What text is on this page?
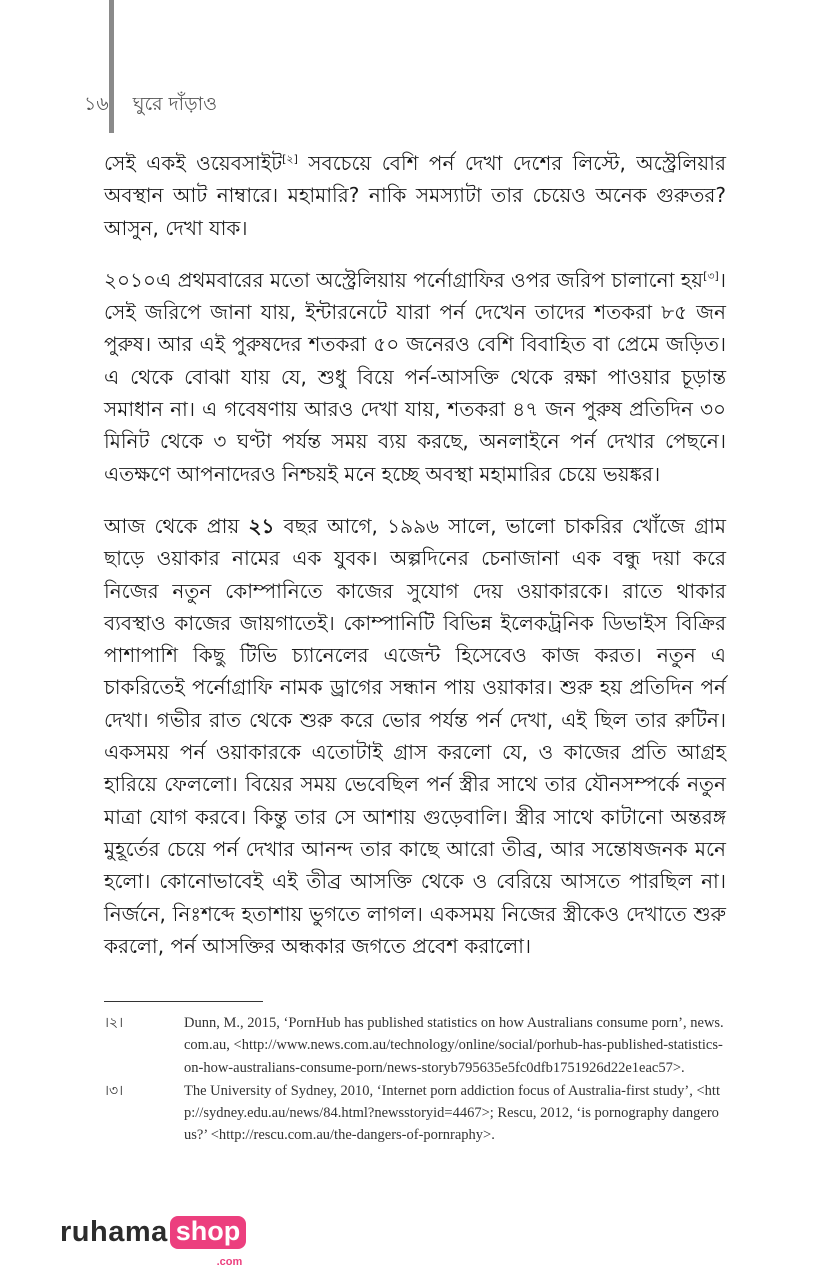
১৬ ঘুরে দাঁড়াও

সেই একই ওয়েবসাইট[২] সবচেয়ে বেশি পর্ন দেখা দেশের লিস্টে, অস্ট্রেলিয়ার অবস্থান আট নাম্বারে। মহামারি? নাকি সমস্যাটা তার চেয়েও অনেক গুরুতর? আসুন, দেখা যাক।

২০১০এ প্রথমবারের মতো অস্ট্রেলিয়ায় পর্নোগ্রাফির ওপর জরিপ চালানো হয়[৩]। সেই জরিপে জানা যায়, ইন্টারনেটে যারা পর্ন দেখেন তাদের শতকরা ৮৫ জন পুরুষ। আর এই পুরুষদের শতকরা ৫০ জনেরও বেশি বিবাহিত বা প্রেমে জড়িত। এ থেকে বোঝা যায় যে, শুধু বিয়ে পর্ন-আসক্তি থেকে রক্ষা পাওয়ার চূড়ান্ত সমাধান না। এ গবেষণায় আরও দেখা যায়, শতকরা ৪৭ জন পুরুষ প্রতিদিন ৩০ মিনিট থেকে ৩ ঘণ্টা পর্যন্ত সময় ব্যয় করছে, অনলাইনে পর্ন দেখার পেছনে। এতক্ষণে আপনাদেরও নিশ্চয়ই মনে হচ্ছে অবস্থা মহামারির চেয়ে ভয়ঙ্কর।

আজ থেকে প্রায় ২১ বছর আগে, ১৯৯৬ সালে, ভালো চাকরির খোঁজে গ্রাম ছাড়ে ওয়াকার নামের এক যুবক। অল্পদিনের চেনাজানা এক বন্ধু দয়া করে নিজের নতুন কোম্পানিতে কাজের সুযোগ দেয় ওয়াকারকে। রাতে থাকার ব্যবস্থাও কাজের জায়গাতেই। কোম্পানিটি বিভিন্ন ইলেকট্রনিক ডিভাইস বিক্রির পাশাপাশি কিছু টিভি চ্যানেলের এজেন্ট হিসেবেও কাজ করত। নতুন এ চাকরিতেই পর্নোগ্রাফি নামক ড্রাগের সন্ধান পায় ওয়াকার। শুরু হয় প্রতিদিন পর্ন দেখা। গভীর রাত থেকে শুরু করে ভোর পর্যন্ত পর্ন দেখা, এই ছিল তার রুটিন। একসময় পর্ন ওয়াকারকে এতোটাই গ্রাস করলো যে, ও কাজের প্রতি আগ্রহ হারিয়ে ফেললো। বিয়ের সময় ভেবেছিল পর্ন স্ত্রীর সাথে তার যৌনসম্পর্কে নতুন মাত্রা যোগ করবে। কিন্তু তার সে আশায় গুড়েবালি। স্ত্রীর সাথে কাটানো অন্তরঙ্গ মুহূর্তের চেয়ে পর্ন দেখার আনন্দ তার কাছে আরো তীব্র, আর সন্তোষজনক মনে হলো। কোনোভাবেই এই তীব্র আসক্তি থেকে ও বেরিয়ে আসতে পারছিল না। নির্জনে, নিঃশব্দে হতাশায় ভুগতে লাগল। একসময় নিজের স্ত্রীকেও দেখাতে শুরু করলো, পর্ন আসক্তির অন্ধকার জগতে প্রবেশ করালো।

।২।	Dunn, M., 2015, ‘PornHub has published statistics on how Australians consume porn’, news.com.au, <http://www.news.com.au/technology/online/social/porhub-has-published-statistics-on-how-australians-consume-porn/news-storyb795635e5fc0dfb1751926d22e1eac57>.
।৩।	The University of Sydney, 2010, ‘Internet porn addiction focus of Australia-first study’, <http://sydney.edu.au/news/84.html?newsstoryid=4467>; Rescu, 2012, ‘is pornography dangerous?’ <http://rescu.com.au/the-dangers-of-pornraphy>.
ruhama shop
.com
